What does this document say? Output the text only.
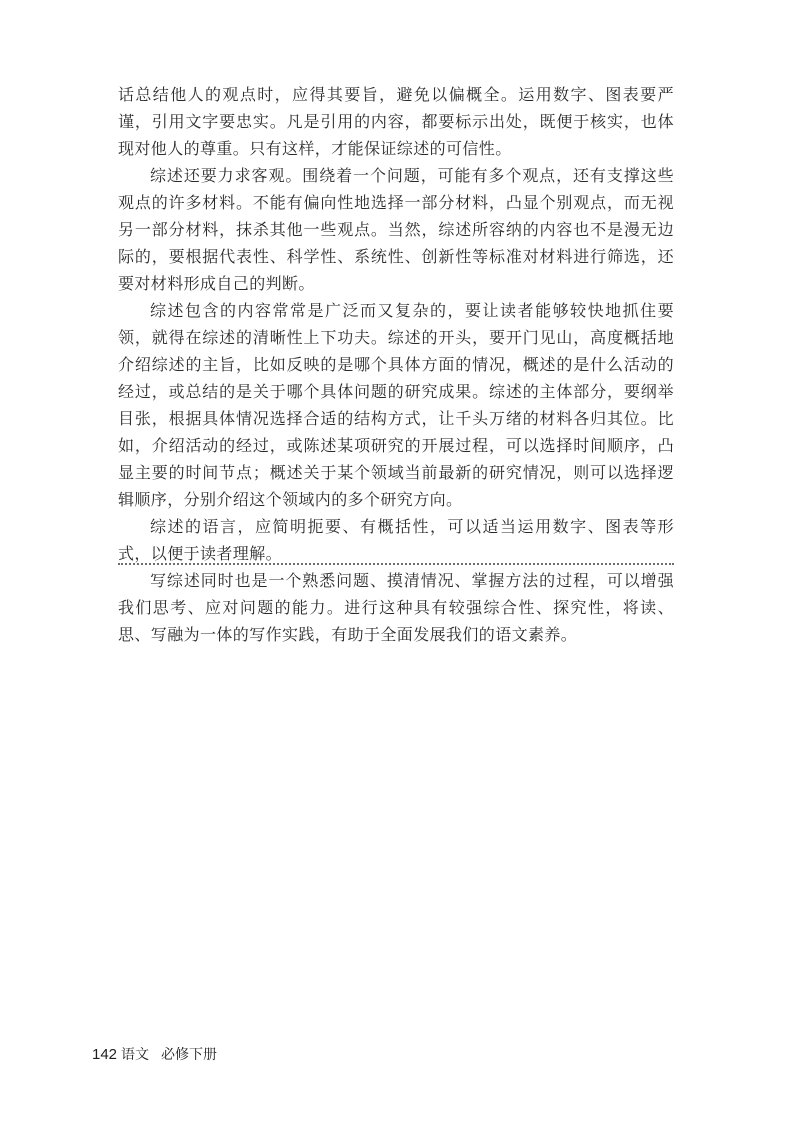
话总结他人的观点时，应得其要旨，避免以偏概全。运用数字、图表要严谨，引用文字要忠实。凡是引用的内容，都要标示出处，既便于核实，也体现对他人的尊重。只有这样，才能保证综述的可信性。

综述还要力求客观。围绕着一个问题，可能有多个观点，还有支撑这些观点的许多材料。不能有偏向性地选择一部分材料，凸显个别观点，而无视另一部分材料，抹杀其他一些观点。当然，综述所容纳的内容也不是漫无边际的，要根据代表性、科学性、系统性、创新性等标准对材料进行筛选，还要对材料形成自己的判断。

综述包含的内容常常是广泛而又复杂的，要让读者能够较快地抓住要领，就得在综述的清晰性上下功夫。综述的开头，要开门见山，高度概括地介绍综述的主旨，比如反映的是哪个具体方面的情况，概述的是什么活动的经过，或总结的是关于哪个具体问题的研究成果。综述的主体部分，要纲举目张，根据具体情况选择合适的结构方式，让千头万绪的材料各归其位。比如，介绍活动的经过，或陈述某项研究的开展过程，可以选择时间顺序，凸显主要的时间节点；概述关于某个领域当前最新的研究情况，则可以选择逻辑顺序，分别介绍这个领域内的多个研究方向。

综述的语言，应简明扼要、有概括性，可以适当运用数字、图表等形式，以便于读者理解。

写综述同时也是一个熟悉问题、摸清情况、掌握方法的过程，可以增强我们思考、应对问题的能力。进行这种具有较强综合性、探究性，将读、思、写融为一体的写作实践，有助于全面发展我们的语文素养。

142 语文 必修下册
